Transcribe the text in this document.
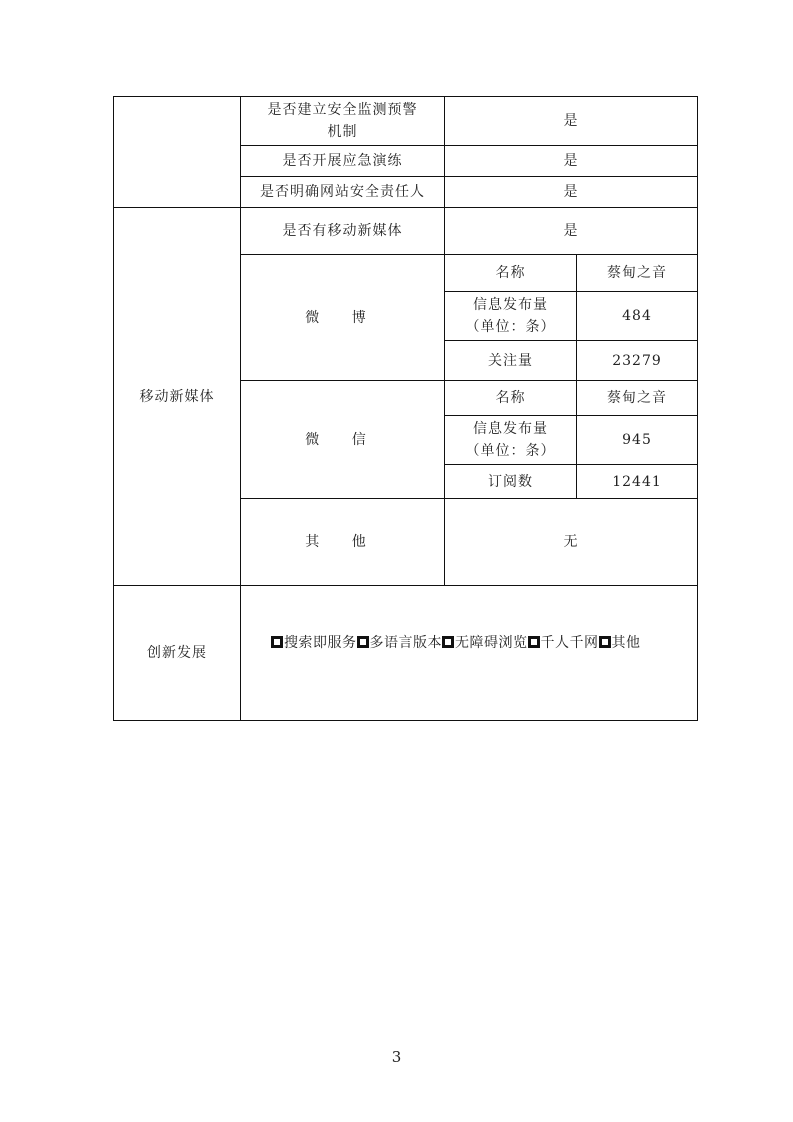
	是否建立安全监测预警
机制	是	
	是否开展应急演练	是	
	是否明确网站安全责任人	是	
移动新媒体	是否有移动新媒体	是	
	微 博	名称	蔡甸之音
		信息发布量
（单位：条）	484
		关注量	23279
	微 信	名称	蔡甸之音
		信息发布量
（单位：条）	945
		订阅数	12441
	其 他	无	
创新发展	搜索即服务 多语言版本 无障碍浏览 千人千网 其他		
3
